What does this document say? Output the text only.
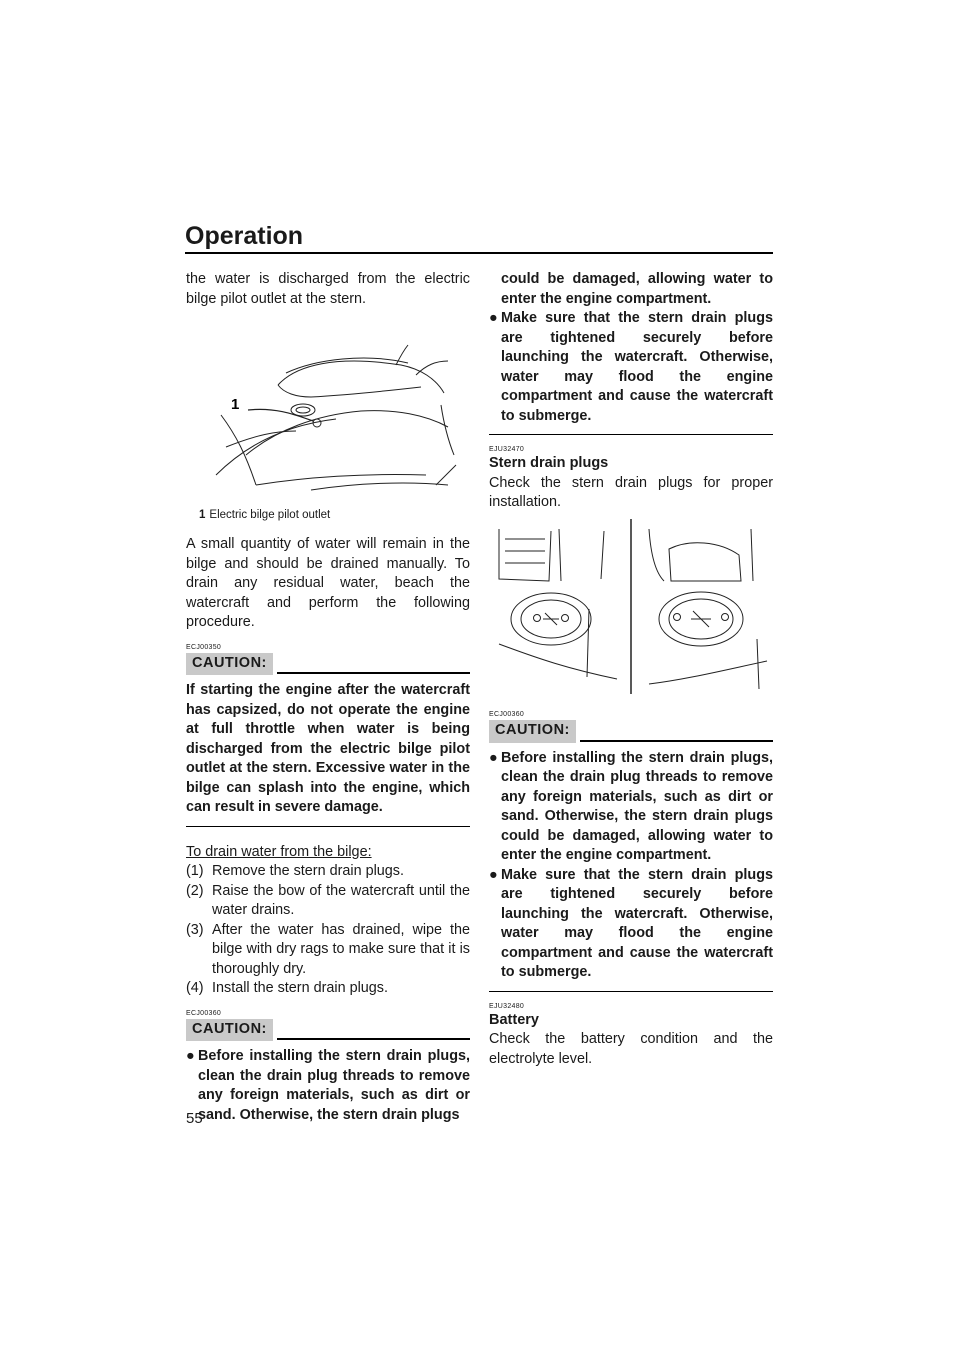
Operation

the water is discharged from the electric bilge pilot outlet at the stern.

1
1 Electric bilge pilot outlet

A small quantity of water will remain in the bilge and should be drained manually. To drain any residual water, beach the watercraft and perform the following procedure.

ECJ00350
CAUTION:
If starting the engine after the watercraft has capsized, do not operate the engine at full throttle when water is being discharged from the electric bilge pilot outlet at the stern. Excessive water in the bilge can splash into the engine, which can result in severe damage.
To drain water from the bilge:
(1) Remove the stern drain plugs.
(2) Raise the bow of the watercraft until the water drains.
(3) After the water has drained, wipe the bilge with dry rags to make sure that it is thoroughly dry.
(4) Install the stern drain plugs.
ECJ00360
CAUTION:
● Before installing the stern drain plugs, clean the drain plug threads to remove any foreign materials, such as dirt or sand. Otherwise, the stern drain plugs
could be damaged, allowing water to enter the engine compartment.
● Make sure that the stern drain plugs are tightened securely before launching the watercraft. Otherwise, water may flood the engine compartment and cause the watercraft to submerge.
EJU32470
Stern drain plugs

Check the stern drain plugs for proper installation.

ECJ00360
CAUTION:
● Before installing the stern drain plugs, clean the drain plug threads to remove any foreign materials, such as dirt or sand. Otherwise, the stern drain plugs could be damaged, allowing water to enter the engine compartment.
● Make sure that the stern drain plugs are tightened securely before launching the watercraft. Otherwise, water may flood the engine compartment and cause the watercraft to submerge.
EJU32480
Battery

Check the battery condition and the electrolyte level.

55
